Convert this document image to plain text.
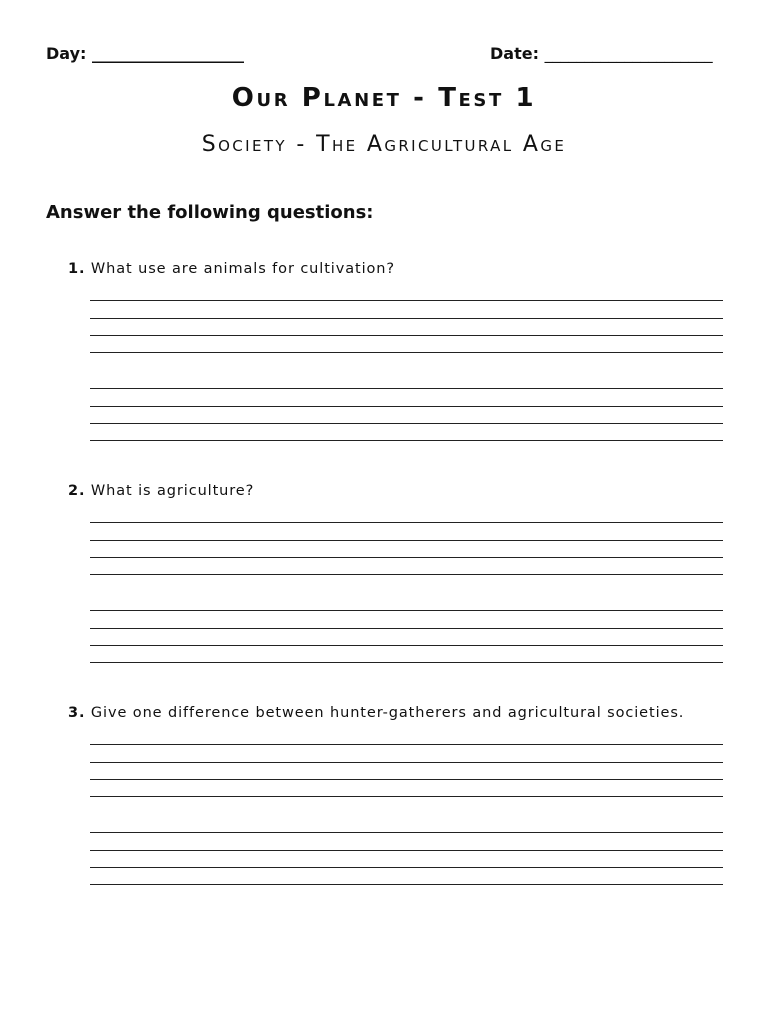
Day: ___________________	Date: _____________________
Our Planet - Test 1
Society - The Agricultural Age
Answer the following questions:
1. What use are animals for cultivation?
2. What is agriculture?
3. Give one difference between hunter-gatherers and agricultural societies.
